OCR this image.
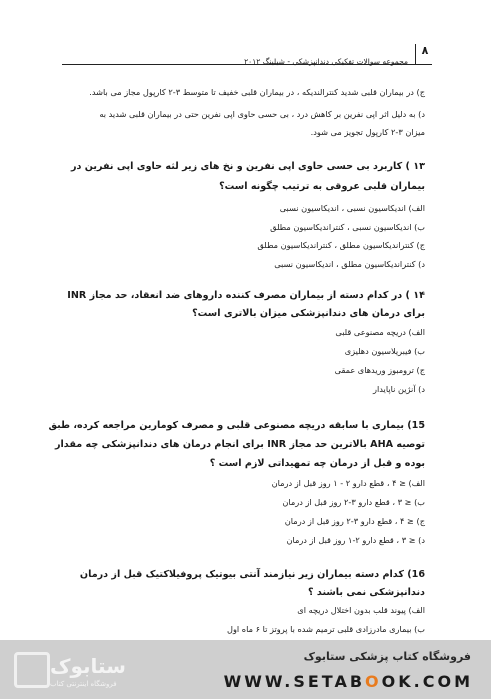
۸
مجموعه سوالات تفکیکی دندانپزشکی - شیلینگ ۲۰۱۲
ج) در بیماران قلبی شدید کنترالندیکه ، در بیماران قلبی خفیف تا متوسط ۳-۲ کارپول مجاز می باشد.
د) به دلیل اثر اپی نفرین بر کاهش درد ، بی حسی حاوی اپی نفرین حتی در بیماران قلبی شدید به
میزان ۳-۲ کارپول تجویز می شود.
۱۳ ) کاربرد بی حسی حاوی اپی نفرین و نخ های زیر لثه حاوی اپی نفرین در
بیماران قلبی عروقی به ترتیب چگونه است؟
الف) اندیکاسیون نسبی ، اندیکاسیون نسبی
ب) اندیکاسیون نسبی ، کنتراندیکاسیون مطلق
ج) کنتراندیکاسیون مطلق ، کنتراندیکاسیون مطلق
د) کنتراندیکاسیون مطلق ، اندیکاسیون نسبی
۱۴ ) در کدام دسته از بیماران مصرف کننده داروهای ضد انعقاد، حد مجاز INR
برای درمان های دندانپزشکی میزان بالاتری است؟
الف) دریچه مصنوعی قلبی
ب) فیبریلاسیون دهلیزی
ج) ترومبوز وریدهای عمقی
د) آنژین ناپایدار
15) بیماری با سابقه دریچه مصنوعی قلبی و مصرف کومارین مراجعه کرده، طبق
توصیه AHA بالاترین حد مجاز INR برای انجام درمان های دندانپزشکی چه مقدار
بوده و قبل از درمان چه تمهیداتی لازم است ؟
الف) ≤ ۴ ، قطع دارو ۲ - ۱ روز قبل از درمان
ب) ≤ ۳ ، قطع دارو ۳-۲ روز قبل از درمان
ج) ≤ ۴ ، قطع دارو ۳-۲ روز قبل از درمان
د) ≤ ۳ ، قطع دارو ۲-۱ روز قبل از درمان
16) کدام دسته بیماران زیر نیازمند آنتی بیوتیک پروفیلاکتیک قبل از درمان
دندانپزشکی نمی باشند ؟
الف) پیوند قلب بدون اختلال دریچه ای
ب) بیماری مادرزادی قلبی ترمیم شده با پروتز تا ۶ ماه اول
ستابوک
فروشگاه اینترنتی کتاب
فروشگاه کتاب پزشکی ستابوک
WWW.SETABOOK.COM
